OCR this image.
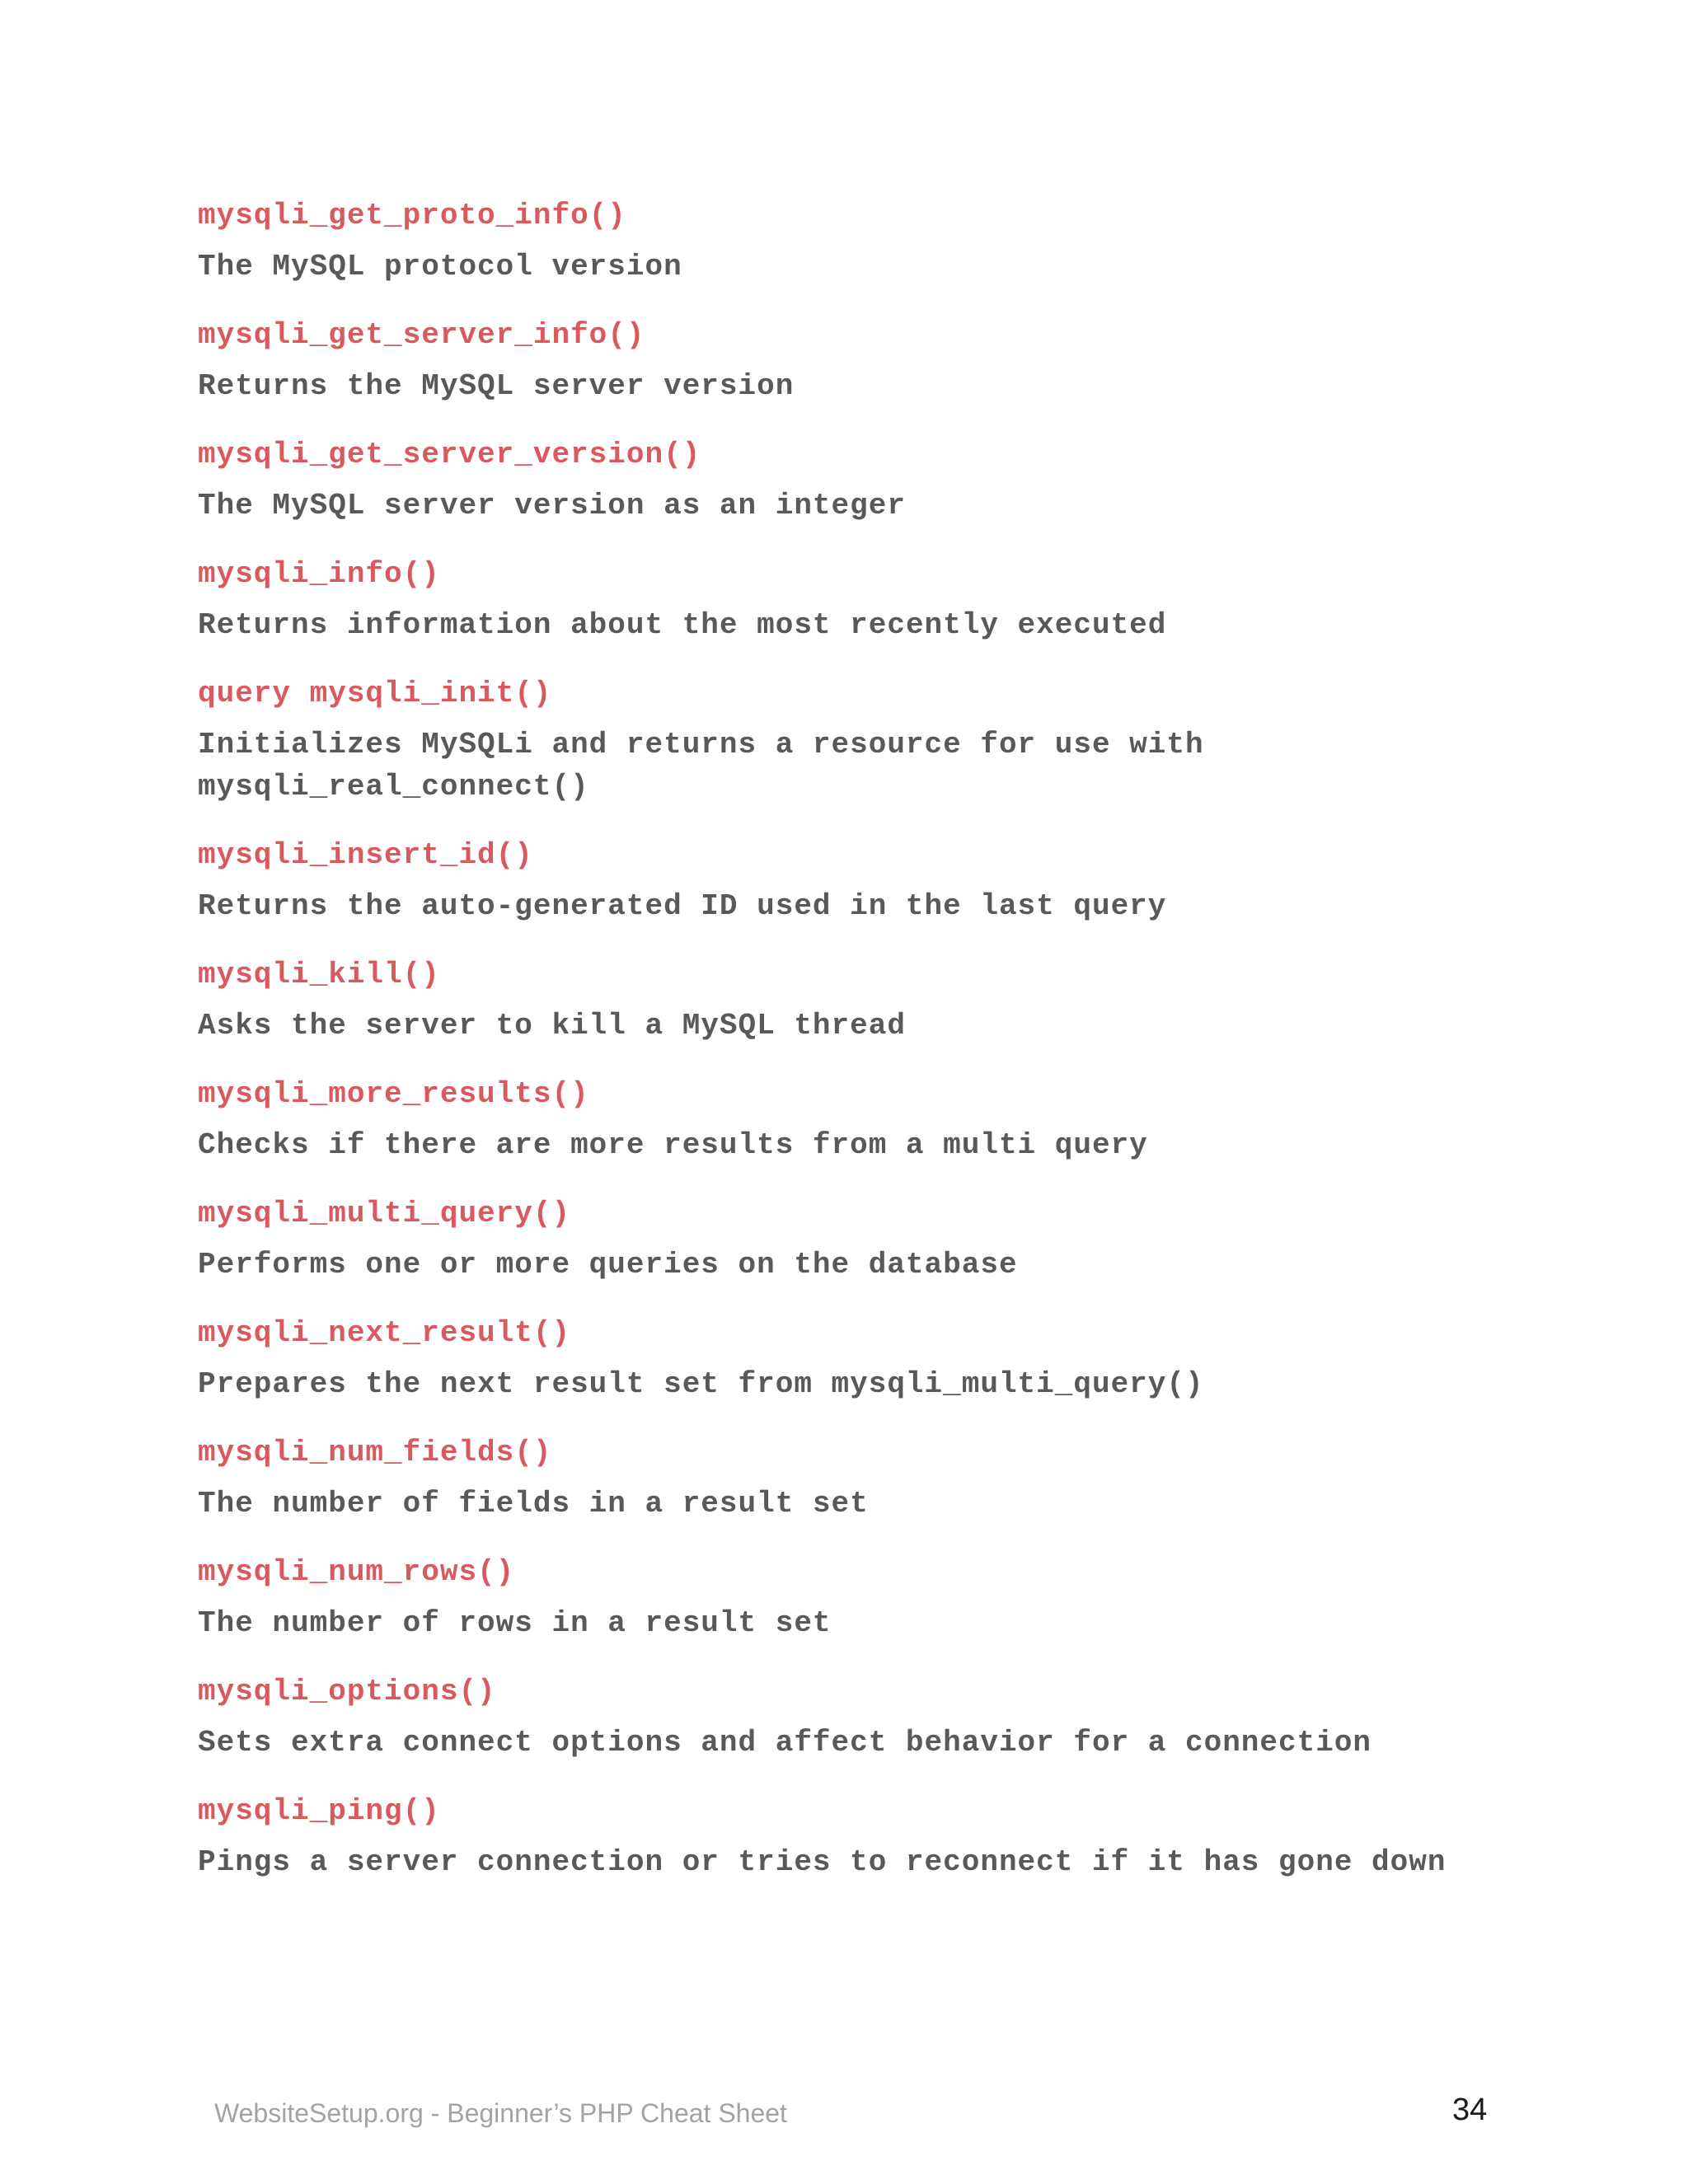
mysqli_get_proto_info()
The MySQL protocol version
mysqli_get_server_info()
Returns the MySQL server version
mysqli_get_server_version()
The MySQL server version as an integer
mysqli_info()
Returns information about the most recently executed
query mysqli_init()
Initializes MySQLi and returns a resource for use with
mysqli_real_connect()
mysqli_insert_id()
Returns the auto-generated ID used in the last query
mysqli_kill()
Asks the server to kill a MySQL thread
mysqli_more_results()
Checks if there are more results from a multi query
mysqli_multi_query()
Performs one or more queries on the database
mysqli_next_result()
Prepares the next result set from mysqli_multi_query()
mysqli_num_fields()
The number of fields in a result set
mysqli_num_rows()
The number of rows in a result set
mysqli_options()
Sets extra connect options and affect behavior for a connection
mysqli_ping()
Pings a server connection or tries to reconnect if it has gone down
WebsiteSetup.org - Beginner’s PHP Cheat Sheet	34
